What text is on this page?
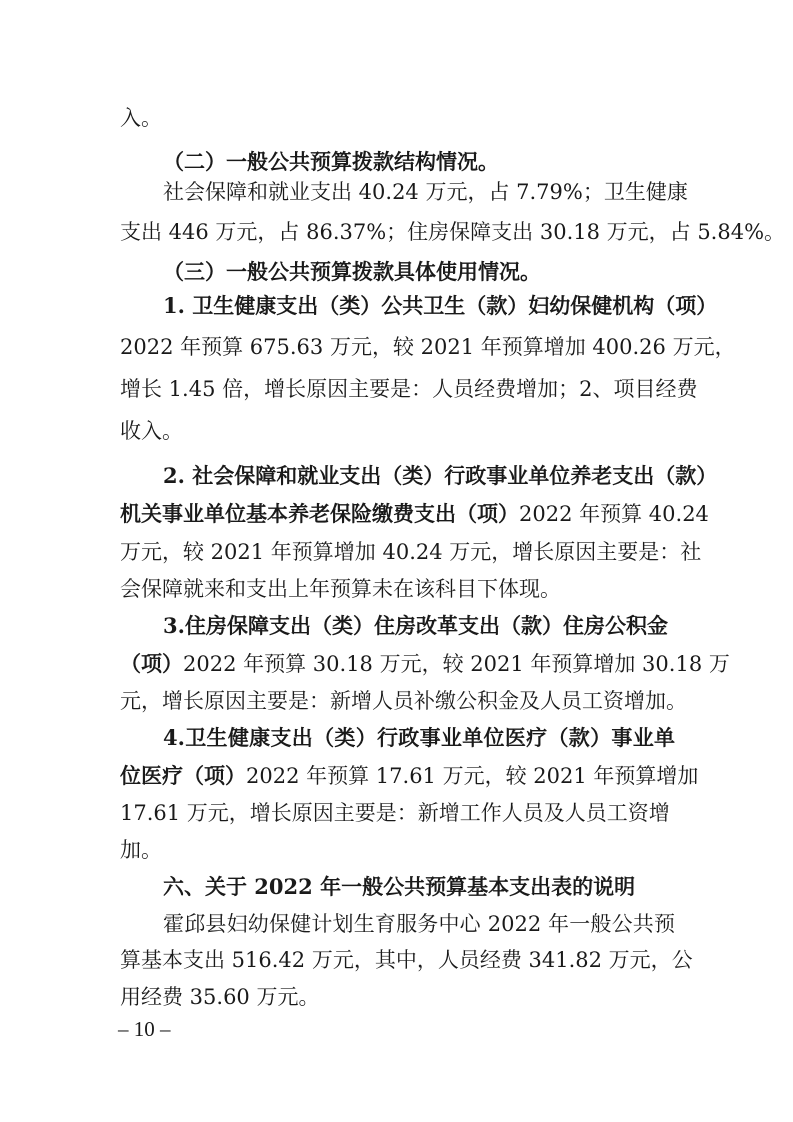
入。
（二）一般公共预算拨款结构情况。
社会保障和就业支出 40.24 万元，占 7.79%；卫生健康
支出 446 万元，占 86.37%；住房保障支出 30.18 万元，占 5.84%。
（三）一般公共预算拨款具体使用情况。
1. 卫生健康支出（类）公共卫生（款）妇幼保健机构（项）
2022 年预算 675.63 万元，较 2021 年预算增加 400.26 万元，
增长 1.45 倍，增长原因主要是：人员经费增加；2、项目经费
收入。
2. 社会保障和就业支出（类）行政事业单位养老支出（款）
机关事业单位基本养老保险缴费支出（项）2022 年预算 40.24
万元，较 2021 年预算增加 40.24 万元，增长原因主要是：社
会保障就来和支出上年预算未在该科目下体现。
3.住房保障支出（类）住房改革支出（款）住房公积金
（项）2022 年预算 30.18 万元，较 2021 年预算增加 30.18 万
元，增长原因主要是：新增人员补缴公积金及人员工资增加。
4.卫生健康支出（类）行政事业单位医疗（款）事业单
位医疗（项）2022 年预算 17.61 万元，较 2021 年预算增加
17.61 万元，增长原因主要是：新增工作人员及人员工资增
加。
六、关于 2022 年一般公共预算基本支出表的说明
霍邱县妇幼保健计划生育服务中心 2022 年一般公共预
算基本支出 516.42 万元，其中，人员经费 341.82 万元，公
用经费 35.60 万元。
– 10 –
